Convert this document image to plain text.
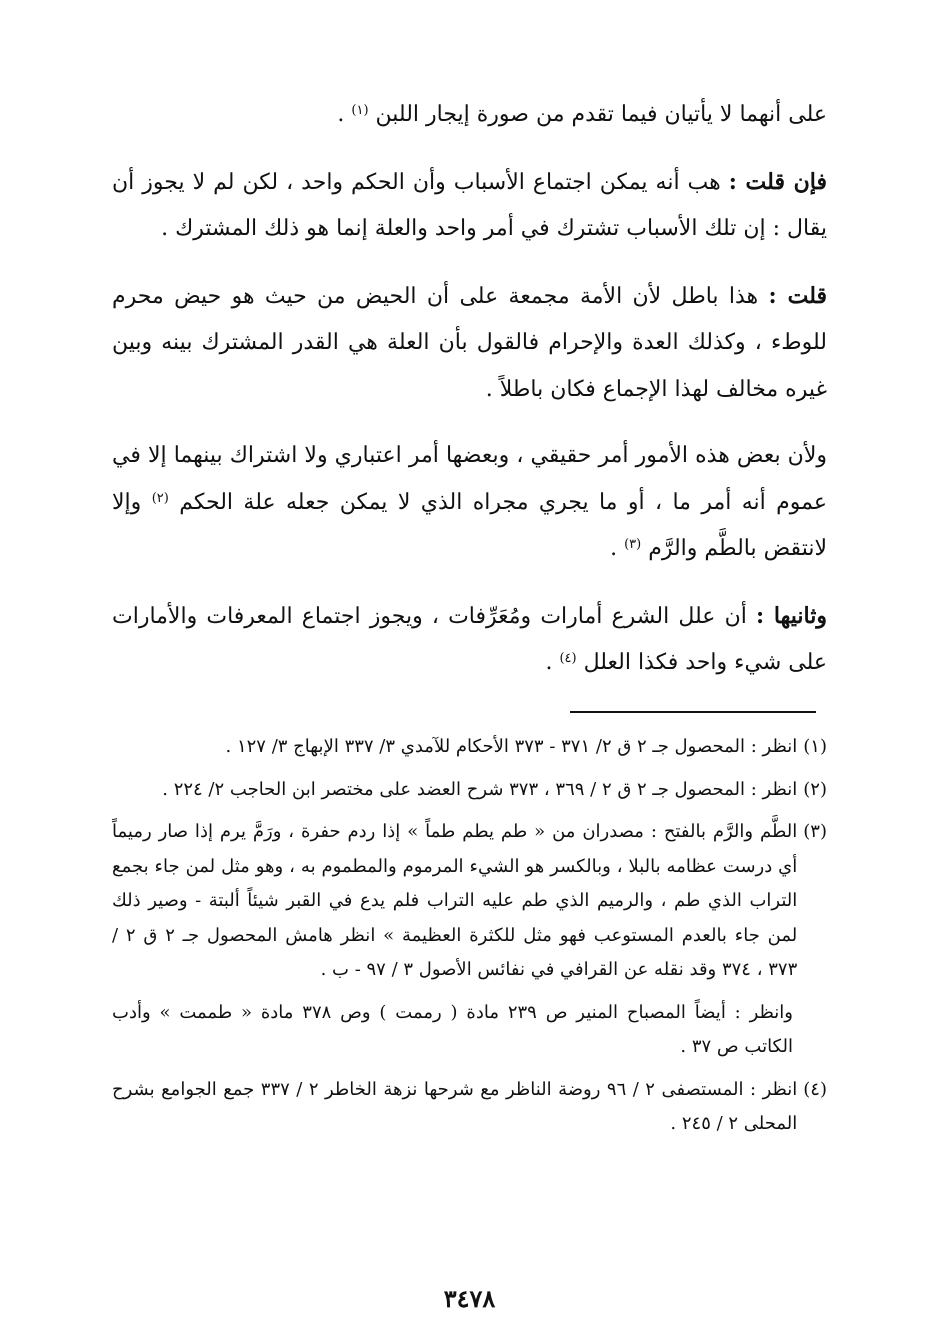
على أنهما لا يأتيان فيما تقدم من صورة إيجار اللبن $^{(١)}$ .

فإن قلت : هب أنه يمكن اجتماع الأسباب وأن الحكم واحد ، لكن لم لا يجوز أن يقال : إن تلك الأسباب تشترك في أمر واحد والعلة إنما هو ذلك المشترك .

قلت : هذا باطل لأن الأمة مجمعة على أن الحيض من حيث هو حيض محرم للوطء ، وكذلك العدة والإحرام فالقول بأن العلة هي القدر المشترك بينه وبين غيره مخالف لهذا الإجماع فكان باطلاً .

ولأن بعض هذه الأمور أمر حقيقي ، وبعضها أمر اعتباري ولا اشتراك بينهما إلا في عموم أنه أمر ما ، أو ما يجري مجراه الذي لا يمكن جعله علة الحكم $^{(٢)}$ وإلا لانتقض بالطَّم والرَّم $^{(٣)}$ .

وثانيها : أن علل الشرع أمارات ومُعَرِّفات ، ويجوز اجتماع المعرفات والأمارات على شيء واحد فكذا العلل $^{(٤)}$ .

(١)
انظر : المحصول جـ ٢ ق ٢/ ٣٧١ - ٣٧٣ الأحكام للآمدي ٣/ ٣٣٧ الإبهاج ٣/ ١٢٧ .
(٢)
انظر : المحصول جـ ٢ ق ٢ / ٣٦٩ ، ٣٧٣ شرح العضد على مختصر ابن الحاجب ٢/ ٢٢٤ .
(٣)
الطَّم والرَّم بالفتح : مصدران من « طم يطم طماً » إذا ردم حفرة ، ورَمَّ يرم إذا صار رميماً أي درست عظامه بالبلا ، وبالكسر هو الشيء المرموم والمطموم به ، وهو مثل لمن جاء بجمع التراب الذي طم ، والرميم الذي طم عليه التراب فلم يدع في القبر شيئاً ألبتة - وصير ذلك لمن جاء بالعدم المستوعب فهو مثل للكثرة العظيمة » انظر هامش المحصول جـ ٢ ق ٢ / ٣٧٣ ، ٣٧٤ وقد نقله عن القرافي في نفائس الأصول ٣ / ٩٧ - ب .
وانظر : أيضاً المصباح المنير ص ٢٣٩ مادة ( رممت ) وص ٣٧٨ مادة « طممت » وأدب الكاتب ص ٣٧ .
(٤)
انظر : المستصفى ٢ / ٩٦ روضة الناظر مع شرحها نزهة الخاطر ٢ / ٣٣٧ جمع الجوامع بشرح المحلى ٢ / ٢٤٥ .
٣٤٧٨
